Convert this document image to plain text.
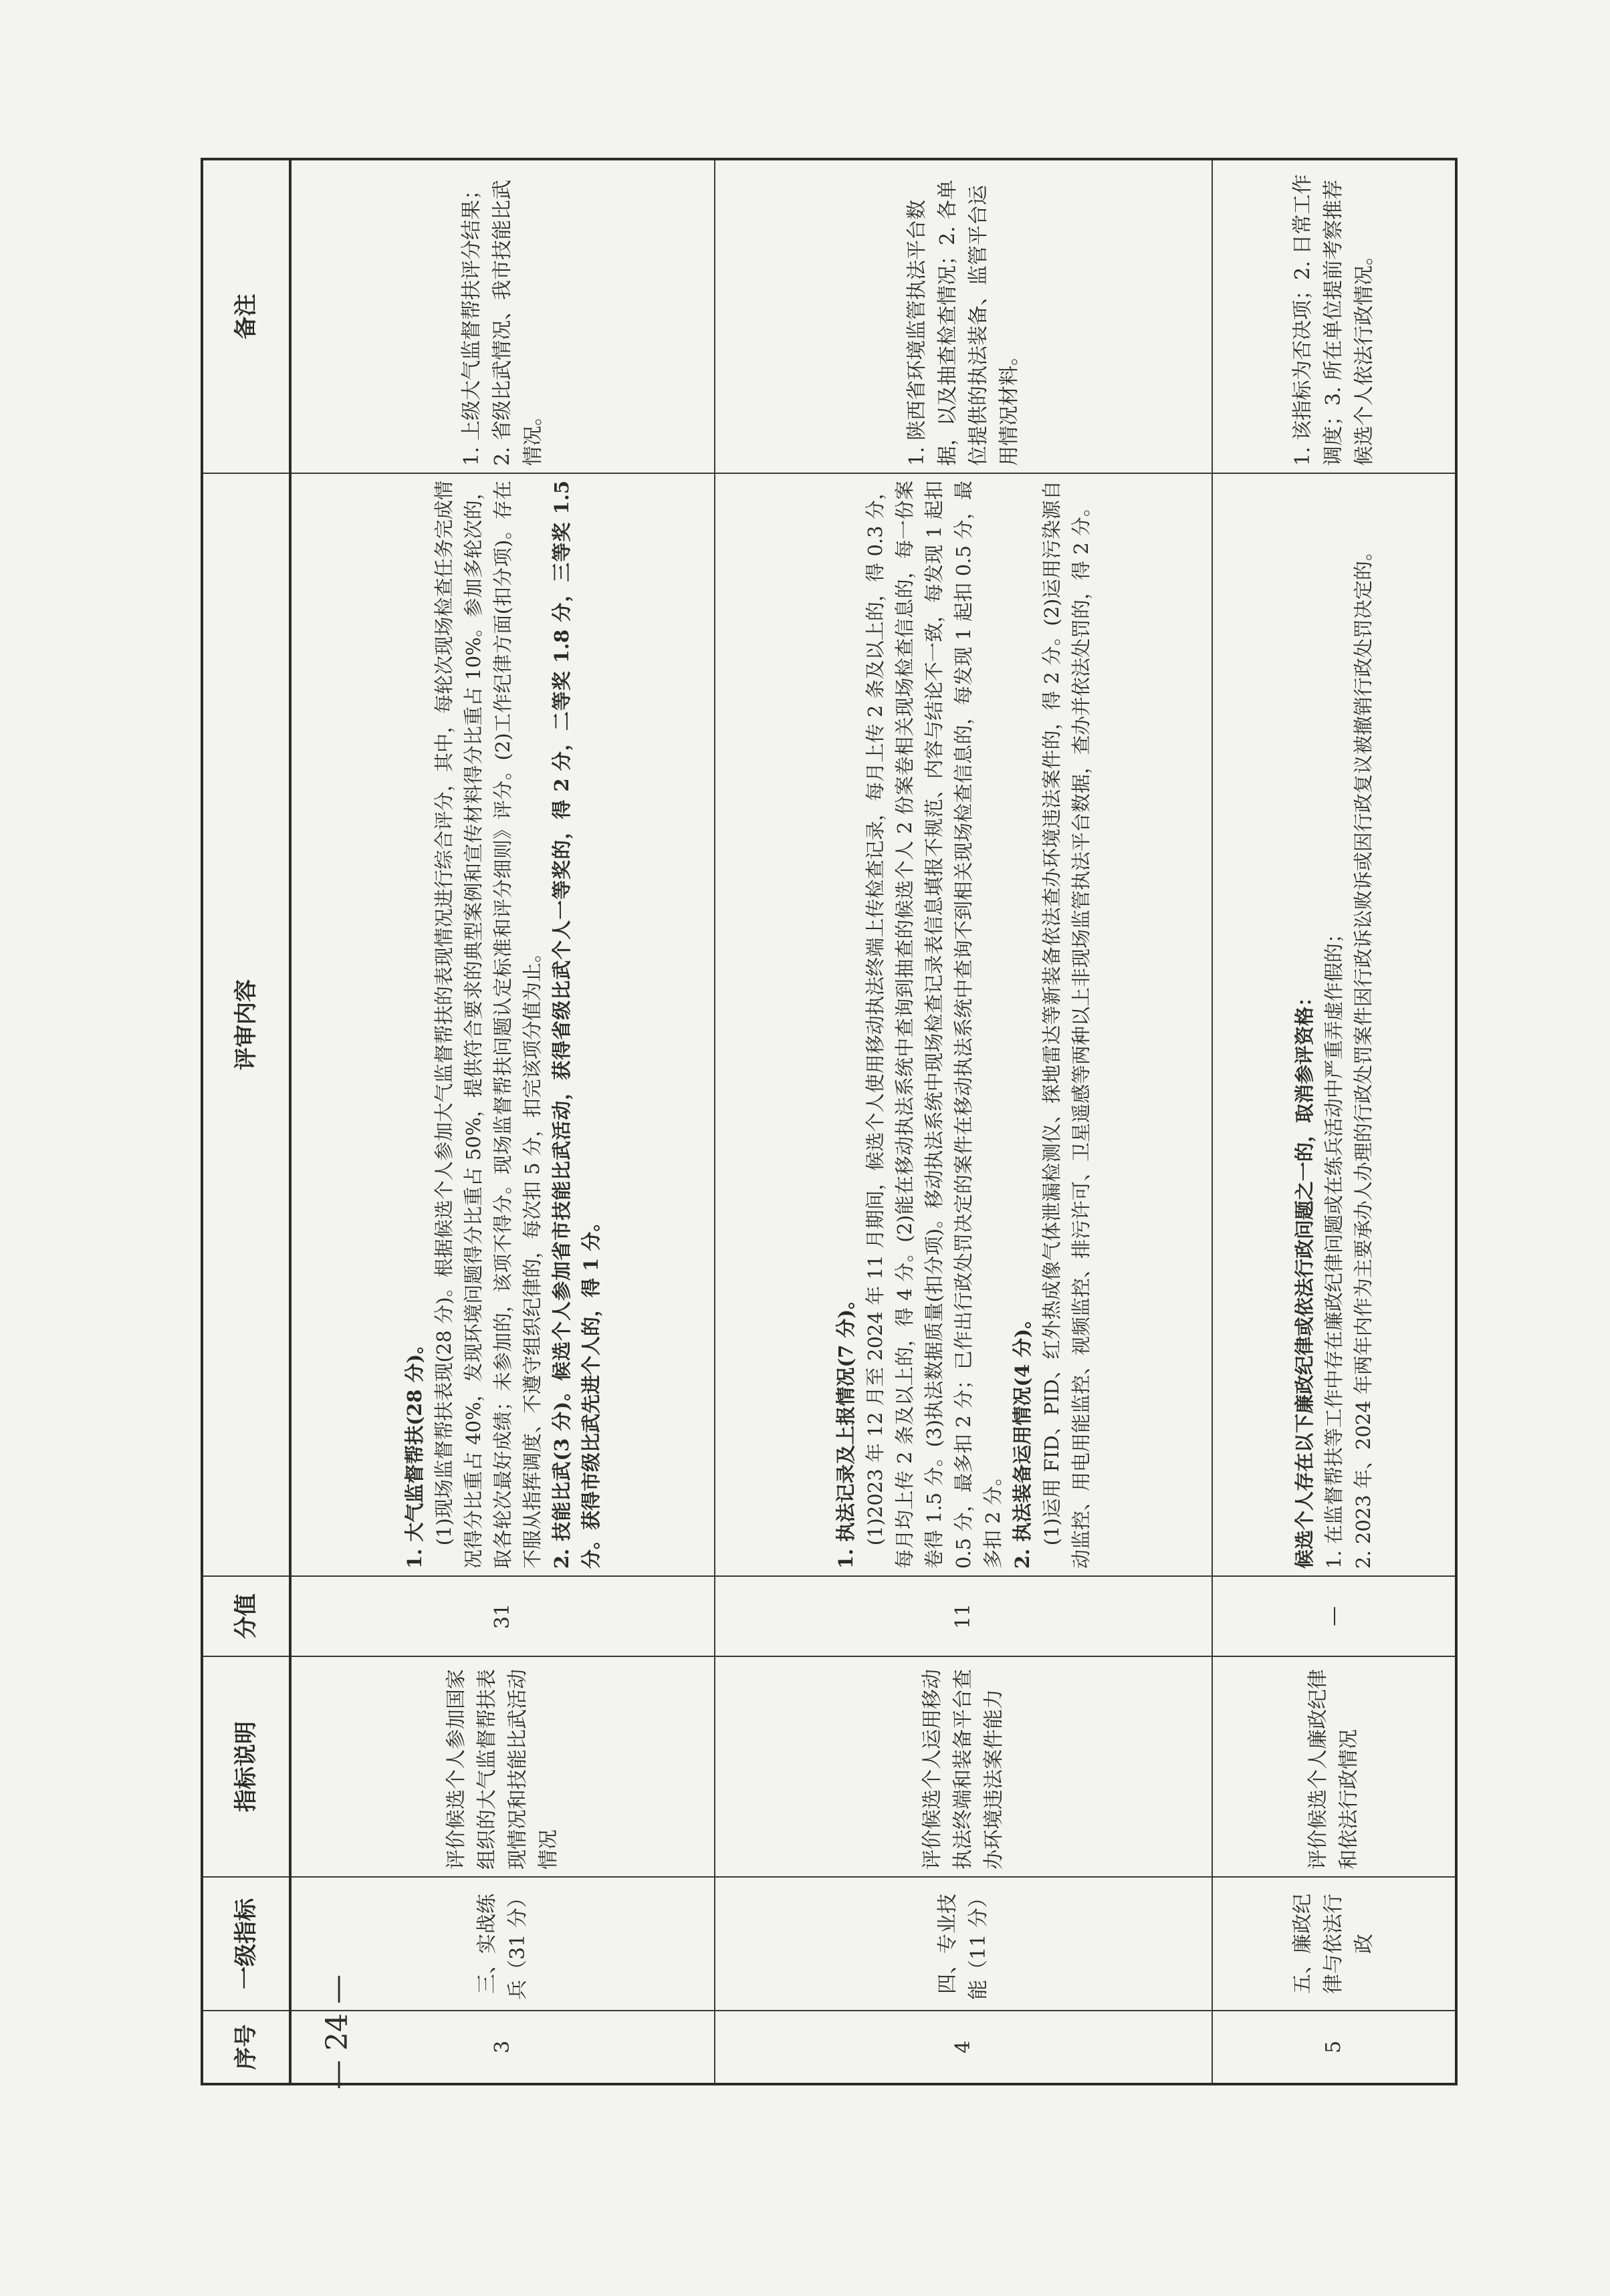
— 24 —
序号	一级指标	指标说明	分值	评审内容	备注
3	三、实战练兵（31 分）	评价候选个人参加国家组织的大气监督帮扶表现情况和技能比武活动情况	31	1. 大气监督帮扶(28 分)。 (1)现场监督帮扶表现(28 分)。根据候选个人参加大气监督帮扶的表现情况进行综合评分，其中，每轮次现场检查任务完成情况得分比重占 40%，发现环境问题得分比重占 50%，提供符合要求的典型案例和宣传材料得分比重占 10%。参加多轮次的，取各轮次最好成绩；未参加的，该项不得分。现场监督帮扶问题认定标准和评分细则》评分。(2)工作纪律方面(扣分项)。存在不服从指挥调度、不遵守组织纪律的，每次扣 5 分，扣完该项分值为止。 2. 技能比武(3 分)。候选个人参加省市技能比武活动，获得省级比武个人一等奖的，得 2 分，二等奖 1.8 分，三等奖 1.5 分。获得市级比武先进个人的，得 1 分。	1. 上级大气监督帮扶评分结果；2. 省级比武情况、我市技能比武情况。

4	四、专业技能（11 分）	评价候选个人运用移动执法终端和装备平台查办环境违法案件能力	11	1. 执法记录及上报情况(7 分)。 (1)2023 年 12 月至 2024 年 11 月期间，候选个人使用移动执法终端上传检查记录，每月上传 2 条及以上的，得 0.3 分，每月均上传 2 条及以上的，得 4 分。(2)能在移动执法系统中查询到抽查的候选个人 2 份案卷相关现场检查信息的，每一份案卷得 1.5 分。(3)执法数据质量(扣分项)。移动执法系统中现场检查记录表信息填报不规范、内容与结论不一致，每发现 1 起扣 0.5 分，最多扣 2 分；已作出行政处罚决定的案件在移动执法系统中查询不到相关现场检查信息的，每发现 1 起扣 0.5 分，最多扣 2 分。 2. 执法装备运用情况(4 分)。 (1)运用 FID、PID、红外热成像气体泄漏检测仪、探地雷达等新装备依法查办环境违法案件的，得 2 分。(2)运用污染源自动监控、用电用能监控、视频监控、排污许可、卫星遥感等两种以上非现场监管执法平台数据，查办并依法处罚的，得 2 分。	1. 陕西省环境监管执法平台数据，以及抽查检查情况；2. 各单位提供的执法装备、监管平台运用情况材料。

5	五、廉政纪律与依法行政	评价候选个人廉政纪律和依法行政情况	—	候选个人存在以下廉政纪律或依法行政问题之一的，取消参评资格： 1. 在监督帮扶等工作中存在廉政纪律问题或在练兵活动中严重弄虚作假的； 2. 2023 年、2024 年两年内作为主要承办人办理的行政处罚案件因行政诉讼败诉或因行政复议被撤销行政处罚决定的。	1. 该指标为否决项；2. 日常工作调度；3. 所在单位提前考察推荐候选个人依法行政情况。
